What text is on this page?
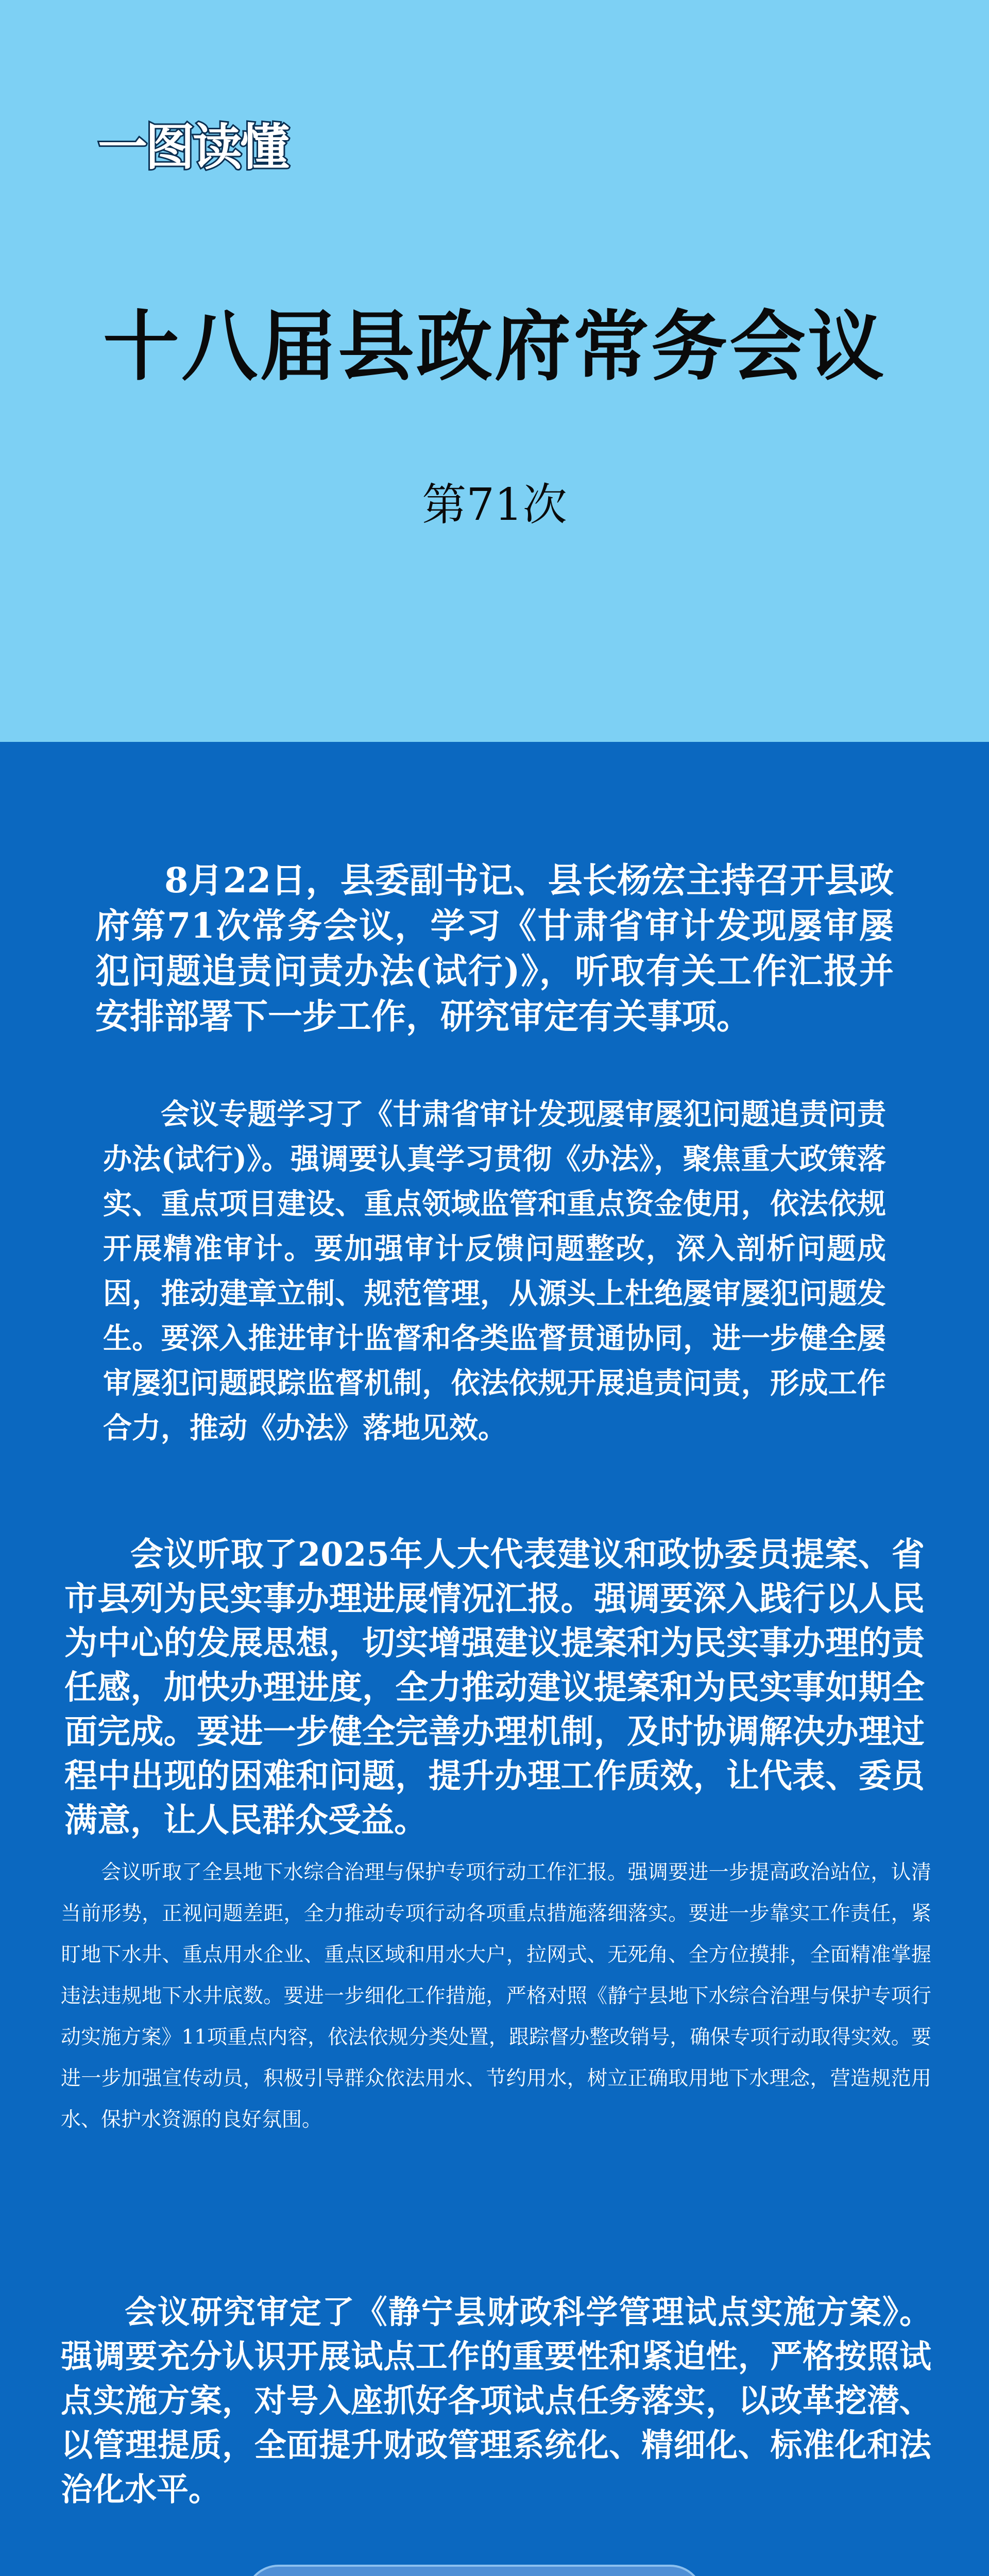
一图读懂
十八届县政府常务会议
第71次

8月22日，县委副书记、县长杨宏主持召开县政府第71次常务会议，学习《甘肃省审计发现屡审屡犯问题追责问责办法(试行)》，听取有关工作汇报并安排部署下一步工作，研究审定有关事项。

会议专题学习了《甘肃省审计发现屡审屡犯问题追责问责办法(试行)》。强调要认真学习贯彻《办法》，聚焦重大政策落实、重点项目建设、重点领域监管和重点资金使用，依法依规开展精准审计。要加强审计反馈问题整改，深入剖析问题成因，推动建章立制、规范管理，从源头上杜绝屡审屡犯问题发生。要深入推进审计监督和各类监督贯通协同，进一步健全屡审屡犯问题跟踪监督机制，依法依规开展追责问责，形成工作合力，推动《办法》落地见效。

会议听取了2025年人大代表建议和政协委员提案、省市县列为民实事办理进展情况汇报。强调要深入践行以人民为中心的发展思想，切实增强建议提案和为民实事办理的责任感，加快办理进度，全力推动建议提案和为民实事如期全面完成。要进一步健全完善办理机制，及时协调解决办理过程中出现的困难和问题，提升办理工作质效，让代表、委员满意，让人民群众受益。

会议听取了全县地下水综合治理与保护专项行动工作汇报。强调要进一步提高政治站位，认清当前形势，正视问题差距，全力推动专项行动各项重点措施落细落实。要进一步靠实工作责任，紧盯地下水井、重点用水企业、重点区域和用水大户，拉网式、无死角、全方位摸排，全面精准掌握违法违规地下水井底数。要进一步细化工作措施，严格对照《静宁县地下水综合治理与保护专项行动实施方案》11项重点内容，依法依规分类处置，跟踪督办整改销号，确保专项行动取得实效。要进一步加强宣传动员，积极引导群众依法用水、节约用水，树立正确取用地下水理念，营造规范用水、保护水资源的良好氛围。

会议研究审定了《静宁县财政科学管理试点实施方案》。强调要充分认识开展试点工作的重要性和紧迫性，严格按照试点实施方案，对号入座抓好各项试点任务落实，以改革挖潜、以管理提质，全面提升财政管理系统化、精细化、标准化和法治化水平。
